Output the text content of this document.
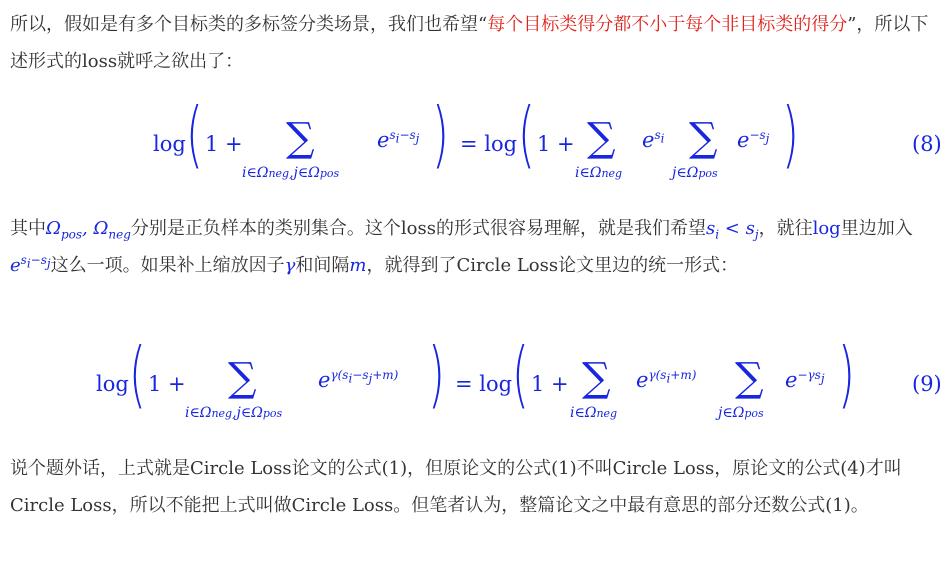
所以，假如是有多个目标类的多标签分类场景，我们也希望“每个目标类得分都不小于每个非目标类的得分”，所以下述形式的loss就呼之欲出了：
log ( 1 + ∑
i∈Ωneg,j∈Ωpos
$e^{s_i-s_j}$ ) = log ( 1 + ∑
i∈Ωneg
$e^{s_i}$ ∑
j∈Ωpos
$e^{-s_j}$ )	(8)
其中$\Omega_{pos}$, $\Omega_{neg}$分别是正负样本的类别集合。这个loss的形式很容易理解，就是我们希望$s_i < s_j$，就往log里边加入$e^{s_i-s_j}$这么一项。如果补上缩放因子γ和间隔m，就得到了Circle Loss论文里边的统一形式：
log ( 1 + ∑
i∈Ωneg,j∈Ωpos
$e^{\gamma(s_i-s_j+m)}$ ) = log ( 1 + ∑
i∈Ωneg
$e^{\gamma(s_i+m)}$ ∑
j∈Ωpos
$e^{-\gamma s_j}$ )	(9)
说个题外话，上式就是Circle Loss论文的公式(1)，但原论文的公式(1)不叫Circle Loss，原论文的公式(4)才叫Circle Loss，所以不能把上式叫做Circle Loss。但笔者认为，整篇论文之中最有意思的部分还数公式(1)。
